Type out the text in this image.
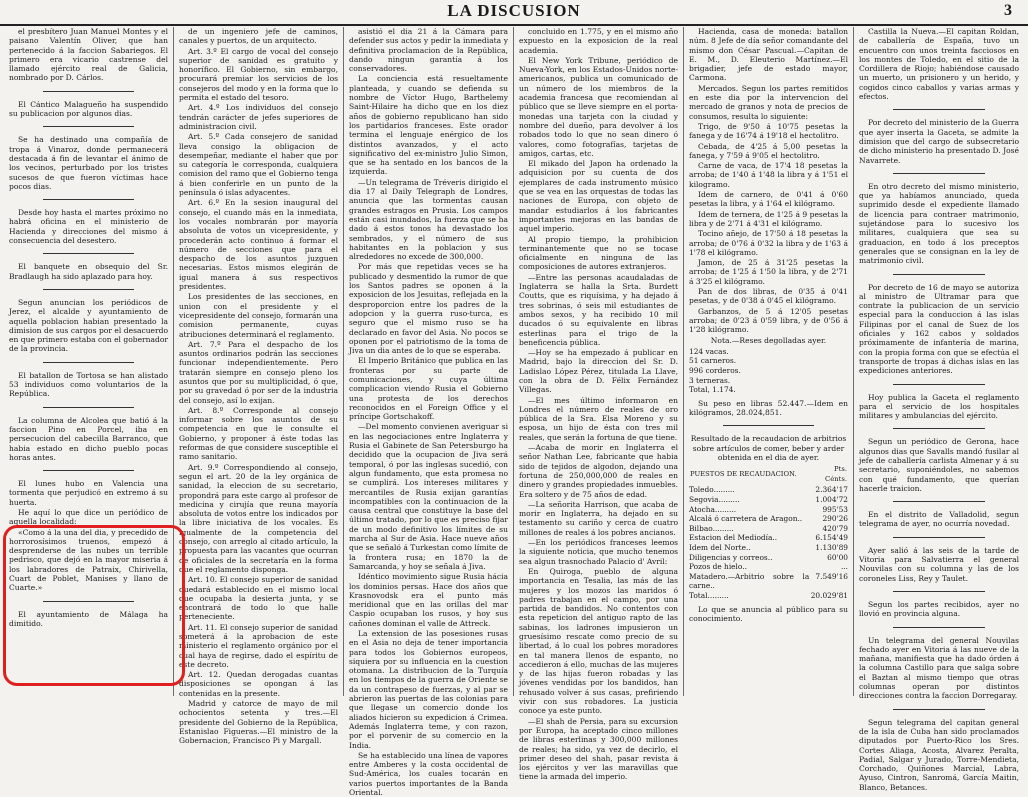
LA DISCUSION	3

el presbítero Juan Manuel Montes y el paisano Valentín Oliver, que han pertenecido á la faccion Sabariegos. El primero era vicario castrense del llamado ejército real de Galicia, nombrado por D. Cárlos.

El Cántico Malagueño ha suspendido su publicacion por algunos dias.

Se ha destinado una compañía de tropa á Vinaroz, donde permanecerá destacada á fin de levantar el ánimo de los vecinos, perturbado por los tristes sucesos de que fueron víctimas hace pocos dias.

Desde hoy hasta el martes próximo no habrá oficina en el ministerio de Hacienda y direcciones del mismo á consecuencia del desestero.

El banquete en obsequio del Sr. Bradlaugh ha sido aplazado para hoy.

Segun anuncian los periódicos de Jerez, el alcalde y ayuntamiento de aquella poblacion habian presentado la dimision de sus cargos por el desacuerdo en que primero estaba con el gobernador de la provincia.

El batallon de Tortosa se han alistado 53 individuos como voluntarios de la República.

La columna de Alcolea que batió á la faccion Pino en Porcel, iba en persecucion del cabecilla Barranco, que habia estado en dicho pueblo pocas horas antes.

El lunes hubo en Valencia una tormenta que perjudicó en extremo á su huerta.

He aquí lo que dice un periódico de aquella localidad:

«Como á la una del dia, y precedido de horrorosísimos truenos, empezó á desprenderse de las nubes un terrible pedrisco, que dejó en la mayor miseria á los labradores de Patraix, Chirivella, Cuart de Poblet, Manises y llano de Cuarte.»

El ayuntamiento de Málaga ha dimitido.

de un ingeniero jefe de caminos, canales y puertos, de un arquitecto.

Art. 3.º El cargo de vocal del consejo superior de sanidad es gratuito y honorífico. El Gobierno, sin embargo, procurará premiar los servicios de los consejeros del modo y en la forma que lo permita el estado del tesoro.

Art. 4.º Los individuos del consejo tendrán carácter de jefes superiores de administracion civil.

Art. 5.º Cada consejero de sanidad lleva consigo la obligacion de desempeñar, mediante el haber que por su categoría le corresponda, cualquiera comision del ramo que el Gobierno tenga á bien conferirle en un punto de la península ó islas adyacentes.

Art. 6.º En la sesion inaugural del consejo, el cuando más en la inmediata, los vocales nombrarán por mayoría absoluta de votos un vicepresidente, y procederán acto continuo á formar el número de secciones que para el despacho de los asuntos juzguen necesarias. Estos mismos elegirán de igual manera á sus respectivos presidentes.

Los presidentes de las secciones, en union con el presidente y el vicepresidente del consejo, formarán una comision permanente, cuyas atribuciones determinará el reglamento.

Art. 7.º Para el despacho de los asuntos ordinarios podrán las secciones funcionar independientemente. Pero tratarán siempre en consejo pleno los asuntos que por su multiplicidad, ó que, por su gravedad ó por ser de la industria del consejo, así lo exijan.

Art. 8.º Corresponde al consejo informar sobre los asuntos de su competencia en que le consulte el Gobierno, y proponer á éste todas las reformas de que considere susceptible el ramo sanitario.

Art. 9.º Correspondiendo al consejo, segun el art. 20 de la ley orgánica de sanidad, la eleccion de su secretario, propondrá para este cargo al profesor de medicina y cirujía que reuna mayoría absoluta de votos entre los indicados por la libre iniciativa de los vocales. Es igualmente de la competencia del consejo, con arreglo al citado artículo, la propuesta para las vacantes que ocurran de oficiales de la secretaría en la forma que el reglamento disponga.

Art. 10. El consejo superior de sanidad quedará establecido en el mismo local que ocupaba la desierta junta, y se encontrará de todo lo que halle perteneciente.

Art. 11. El consejo superior de sanidad someterá á la aprobacion de este ministerio el reglamento orgánico por el cual haya de regirse, dado el espíritu de este decreto.

Art. 12. Quedan derogadas cuantas disposiciones se opongan á las contenidas en la presente.

Madrid y catorce de mayo de mil ochocientos setenta y tres.—El presidente del Gobierno de la República, Estanislao Figueras.—El ministro de la Gobernacion, Francisco Pi y Margall.

asistió el dia 21 á la Cámara para defender sus actos y pedir la inmediata y definitiva proclamacion de la República, dando ningun garantía á los conservadores.

La conciencia está resueltamente planteada, y cuando se defienda su nombre de Víctor Hugo, Barthelemy Saint-Hilaire ha dicho que en los diez años de gobierno republicano han sido los partidarios franceses. Este orador termina el lenguaje enérgico de los distintos avanzados, y el acto significativo del ex-ministro Julio Simon, que se ha sentado en los bancos de la izquierda.

—Un telegrama de Tréveris dirigido el dia 17 al Daily Telegraph de Londres, anuncia que las tormentas causan grandes estragos en Prusia. Los campos están casi inundados, la fuerza que se ha dado á estos tonos ha devastado los sembrados, y el número de sus habitantes en la poblacion y sus alrededores no excede de 300,000.

Por más que repetidas veces se ha publicado y desmentido la rumor de que los Santos padres se oponen á la exposicion de los Jesuitas, reflejada en la desproporcion entre los padres de la adopcion y la guerra ruso-turca, es seguro que el mismo ruso se ha declarado en favor del Asia. No pocos se oponen por el patriotismo de la toma de Jiva un dia antes de lo que se esperaba.

El Imperio Británico que publica en las fronteras por su parte de comunicaciones, y cuya última complicacion viendo Rusia el Gobierno una protesta de los derechos reconocidos en el Foreign Office y el príncipe Gortschakoff.

—Del momento convienen averiguar si en las negociaciones entre Inglaterra y Rusia el Gabinete de San Petersburgo ha decidido que la ocupacion de Jiva será temporal, ó por las inglesas sucedió, con algun fundamento, que esta promesa no se cumplirá. Los intereses militares y mercantiles de Rusia exijan garantías incompatibles con la continuacion de la causa central que constituye la base del último tratado, por lo que es preciso fijar de un modo definitivo los límites de su marcha al Sur de Asia. Hace nueve años que se señaló á Turkestan como límite de la frontera rusa; en 1870 la de Samarcanda, y hoy se señala á Jiva.

Idéntico movimiento sigue Rusia hácia los dominios persas. Hace dos años que Krasnovodsk era el punto más meridional que en las orillas del mar Caspio ocupaban los rusos, y hoy sus cañones dominan el valle de Attreck.

La extension de las posesiones rusas en el Asia no deja de tener importancia para todos los Gobiernos europeos, siquiera por su influencia en la cuestion otomana. La distribucion de la Turquía en los tiempos de la guerra de Oriente se da un contrapeso de fuerzas, y al par se abrieron las puertas de las colonias para que llegase un comercio donde los aliados hicieron su expedicion á Crimea. Además Inglaterra teme, y con razon, por el porvenir de su comercio en la India.

Se ha establecido una línea de vapores entre Amberes y la costa occidental de Sud-América, los cuales tocarán en varios puertos importantes de la Banda Oriental.

concluido en 1.775, y en el mismo año expuesto en la exposicion de la real academia.

El New York Tribune, periódico de Nueva-York, en los Estados-Unidos norte-americanos, publica un comunicado de un número de los miembros de la academia francesa que recomiendan al público que se lleve siempre en el porta-monedas una tarjeta con la ciudad y nombre del dueño, para devolver á los robados todo lo que no sean dinero ó valores, como fotografías, tarjetas de amigos, cartas, etc.

El mikado del Japon ha ordenado la adquisicion por su cuenta de dos ejemplares de cada instrumento músico que se vea en las orquestas de todas las naciones de Europa, con objeto de mandar estudiarlos á los fabricantes importantes mejoras en las bandas de aquel imperio.

Al propio tiempo, la prohibicion terminantemente que no se tocase oficialmente en ninguna de las composiciones de autores extranjeros.

—Entre las personas acaudaladas de Inglaterra se halla la Srta. Burdett Coutts, que es riquísima, y ha dejado á tres sobrinas, ó seis mil estudiantes de ambos sexos, y ha recibido 10 mil ducados ó su equivalente en libras esterlinas para el trigo de la beneficencia pública.

—Hoy se ha empezado á publicar en Madrid, bajo la direccion del Sr. D. Ladislao López Pérez, titulada La Llave, con la obra de D. Félix Fernández Villegas.

—El mes último informaron en Londres el número de reales de oro pública de la Sra. Elsa Moreno y su esposa, un hijo de ésta con tres mil reales, que serán la fortuna de que tiene.

—Acaba de morir en Inglaterra el señor Nathan Lee, fabricante que habia sido de tejidos de algodon, dejando una fortuna de 250,000,000 de reales en dinero y grandes propiedades inmuebles. Era soltero y de 75 años de edad.

—La señorita Harrison, que acaba de morir en Inglaterra, ha dejado en su testamento su cariño y cerca de cuatro millones de reales á los pobres ancianos.

—En los periódicos franceses leemos la siguiente noticia, que mucho tenemos sea algun trasnochado Palacio d' Avril:

En Quiroga, pueblo de alguna importancia en Tesalia, las más de las mujeres y los mozos las maridos ó padres trabajan en el campo, por una partida de bandidos. No contentos con esta repeticion del antiguo rapto de las sabinas, los ladrones impusieron un gruesísimo rescate como precio de su libertad, á lo cual los pobres moradores en tal manera llenos de espanto, no accedieron á ello, muchas de las mujeres y de las hijas fueron robadas y las jóvenes vendidas por los bandidos, han rehusado volver á sus casas, prefiriendo vivir con sus robadores. La justicia conoce ya este punto.

—El shah de Persia, para su excursion por Europa, ha aceptado cinco millones de libras esterlinas y 300,000 millones de reales; ha sido, ya vez de decirlo, el primer deseo del shah, pasar revista á los ejércitos y ver las maravillas que tiene la armada del imperio.

Hacienda, casa de moneda: batallon núm. 8 Jefe de día señor comandante del mismo don César Pascual.—Capitan de E. M., D. Eleuterio Martínez.—El brigadier, jefe de estado mayor, Carmona.

Mercados. Segun los partes remitidos en este dia por la intervencion del mercado de granos y nota de precios de consumos, resulta lo siguiente:

Trigo, de 9'50 á 10'75 pesetas la fanega y de 16'74 á 19'18 el hectolitro.

Cebada, de 4'25 á 5,00 pesetas la fanega, y 7'59 á 9'05 el hectolitro.

Carne de vaca, de 17'4 18 pesetas la arroba; de 1'40 á 1'48 la libra y á 1'51 el kilogramo.

Idem de carnero, de 0'41 á 0'60 pesetas la libra, y á 1'64 el kilógramo.

Idem de ternera, de 1'25 á 9 pesetas la libra y de 2'71 á 4'31 el kilógramo.

Tocino añejo, de 17'50 á 18 pesetas la arroba; de 0'76 á 0'32 la libra y de 1'63 á 1'78 el kilógramo.

Jamon, de 25 á 31'25 pesetas la arroba; de 1'25 á 1'50 la libra, y de 2'71 á 3'25 el kilógramo.

Pan de dos libras, de 0'35 á 0'41 pesetas, y de 0'38 á 0'45 el kilógramo.

Garbanzos, de 5 á 12'05 pesetas arroba; de 0'23 á 0'59 libra, y de 0'56 á 1'28 kilógramo.

Nota.—Reses degolladas ayer.

124 vacas.	
51 carneros.	
996 corderos.	
3 terneras.	
Total, 1.174.	

Su peso en libras 52.447.—Idem en kilógramos, 28.024,851.

Resultado de la recaudacion de arbitrios sobre artículos de comer, beber y arder obtenida en el dia de ayer.

PUESTOS DE RECAUDACION.	Pts. Cénts.
Toledo.........	2.364'17
Segovia.........	1.004'72
Atocha.........	995'53
Alcalá ó carretera de Aragon..	290'26
Bilbao.........	420'79
Estacion del Mediodía..	6.154'49
Idem del Norte..	1.130'89
Diligencias y correos..	60'00
Pozos de hielo..	...
Matadero.—Arbitrio sobre la carne..	7.549'16
Total.........	20.029'81

Lo que se anuncia al público para su conocimiento.

Castilla la Nueva.—El capitan Roldan, de caballería de España, tuvo un encuentro con unos treinta facciosos en los montes de Toledo, en el sitio de la Cordillera de Riojo; habiéndose causado un muerto, un prisionero y un herido, y cogidos cinco caballos y varias armas y efectos.

Por decreto del ministerio de la Guerra que ayer inserta la Gaceta, se admite la dimision que del cargo de subsecretario de dicho ministerio ha presentado D. José Navarrete.

En otro decreto del mismo ministerio, que ya habíamos anunciado, queda suprimido desde el expediente llamado de licencia para contraer matrimonio, sujetándose para lo sucesivo los militares, cualquiera que sea su graduacion, en todo á los preceptos generales que se consignan en la ley de matrimonio civil.

Por decreto de 16 de mayo se autoriza al ministro de Ultramar para que contrate la publicacion de un servicio especial para la conduccion á las islas Filipinas por el canal de Suez de los oficiales y 162 cabos y soldados próximamente de infantería de marina, con la propia forma con que se efectúa el transporte de tropas á dichas islas en las expediciones anteriores.

Hoy publica la Gaceta el reglamento para el servicio de los hospitales militares y ambulancias del ejército.

Segun un periódico de Gerona, hace algunos dias que Savalls mandó fusilar al jefe de caballería carlista Almenar y á su secretario, suponiéndoles, no sabemos con qué fundamento, que querían hacerle traicion.

En el distrito de Valladolid, segun telegrama de ayer, no ocurría novedad.

Ayer salió á las seis de la tarde de Vitoria para Salvatierra el general Nouvilas con su columna y las de los coroneles Liss, Rey y Taulet.

Segun los partes recibidos, ayer no llovió en provincia alguna.

Un telegrama del general Nouvilas fechado ayer en Vitoria á las nueve de la mañana, manifiesta que ha dado órden á la columna Castillo para que salga sobre el Baztan al mismo tiempo que otras columnas operan por distintos direcciones contra la faccion Dorregaray.

Segun telegrama del capitan general de la isla de Cuba han sido proclamados diputados por Puerto-Rico los Sres. Cortes Aliaga, Acosta, Alvarez Peralta, Padial, Salgar y Jurado, Torre-Mendieta, Corchado, Quiñones Marcial, Labra, Ayuso, Cintron, Sanromá, García Maitin, Blanco, Betances.
